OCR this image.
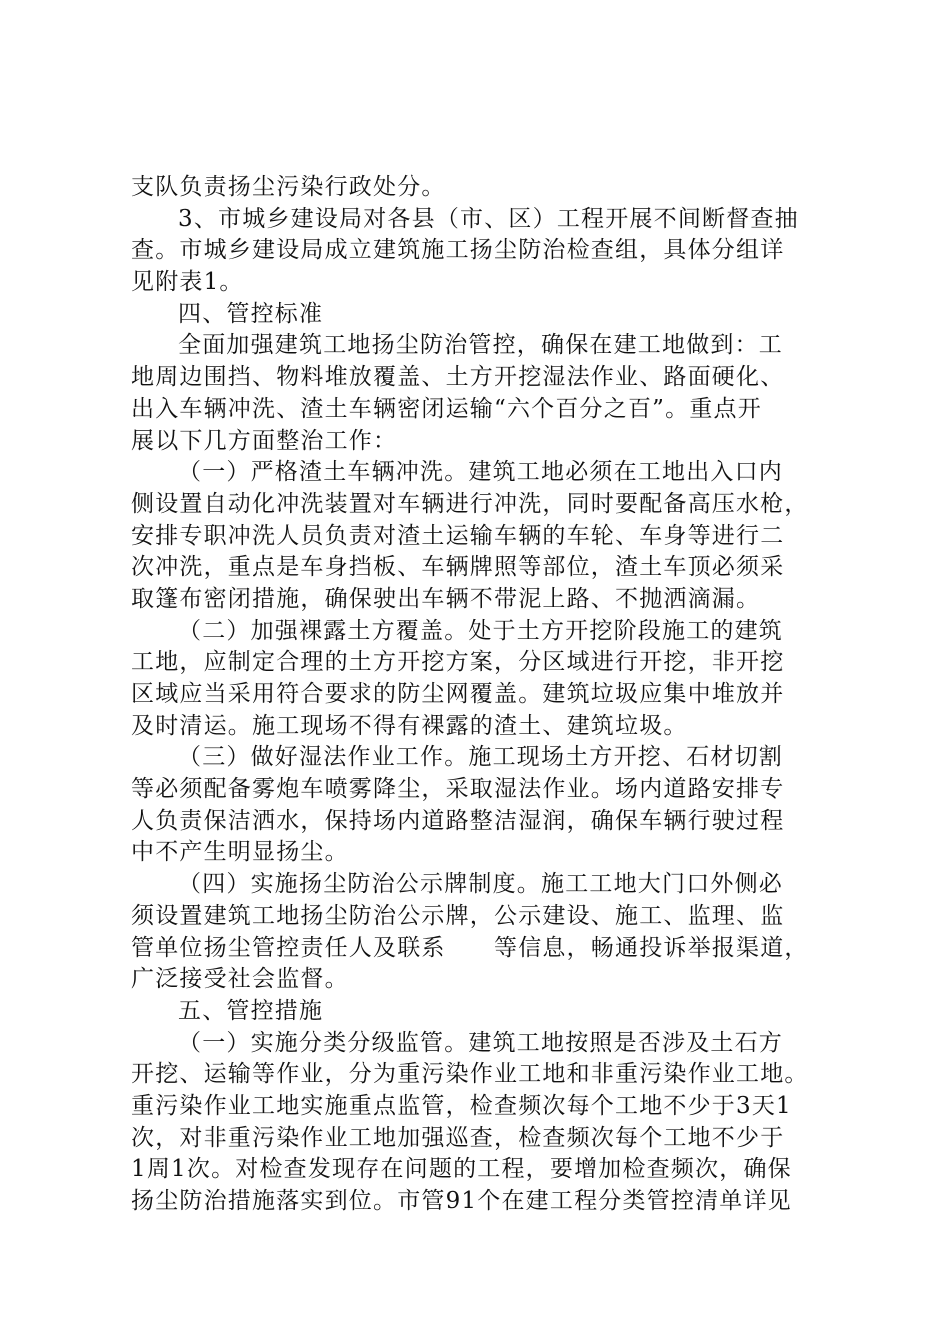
支队负责扬尘污染行政处分。
3、市城乡建设局对各县（市、区）工程开展不间断督查抽
查。市城乡建设局成立建筑施工扬尘防治检查组，具体分组详
见附表1。
四、管控标准
全面加强建筑工地扬尘防治管控，确保在建工地做到：工
地周边围挡、物料堆放覆盖、土方开挖湿法作业、路面硬化、
出入车辆冲洗、渣土车辆密闭运输“六个百分之百”。重点开
展以下几方面整治工作：
（一）严格渣土车辆冲洗。建筑工地必须在工地出入口内
侧设置自动化冲洗装置对车辆进行冲洗，同时要配备高压水枪，
安排专职冲洗人员负责对渣土运输车辆的车轮、车身等进行二
次冲洗，重点是车身挡板、车辆牌照等部位，渣土车顶必须采
取篷布密闭措施，确保驶出车辆不带泥上路、不抛洒滴漏。
（二）加强裸露土方覆盖。处于土方开挖阶段施工的建筑
工地，应制定合理的土方开挖方案，分区域进行开挖，非开挖
区域应当采用符合要求的防尘网覆盖。建筑垃圾应集中堆放并
及时清运。施工现场不得有裸露的渣土、建筑垃圾。
（三）做好湿法作业工作。施工现场土方开挖、石材切割
等必须配备雾炮车喷雾降尘，采取湿法作业。场内道路安排专
人负责保洁洒水，保持场内道路整洁湿润，确保车辆行驶过程
中不产生明显扬尘。
（四）实施扬尘防治公示牌制度。施工工地大门口外侧必
须设置建筑工地扬尘防治公示牌，公示建设、施工、监理、监
管单位扬尘管控责任人及联系　　等信息，畅通投诉举报渠道，
广泛接受社会监督。
五、管控措施
（一）实施分类分级监管。建筑工地按照是否涉及土石方
开挖、运输等作业，分为重污染作业工地和非重污染作业工地。
重污染作业工地实施重点监管，检查频次每个工地不少于3天1
次，对非重污染作业工地加强巡查，检查频次每个工地不少于
1周1次。对检查发现存在问题的工程，要增加检查频次，确保
扬尘防治措施落实到位。市管91个在建工程分类管控清单详见
